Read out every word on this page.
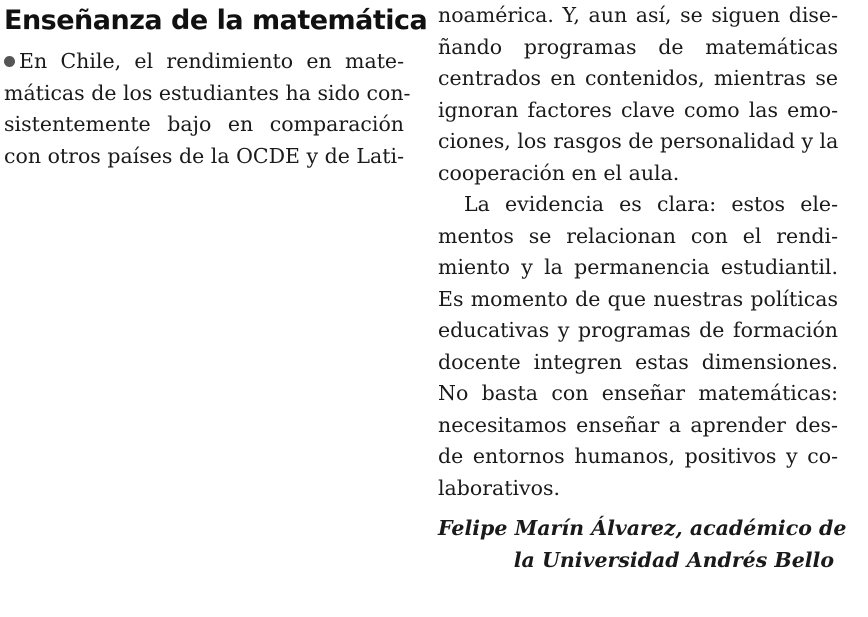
Enseñanza de la matemática
En Chile, el rendimiento en mate-
máticas de los estudiantes ha sido con-
sistentemente bajo en comparación
con otros países de la OCDE y de Lati-
noamérica. Y, aun así, se siguen dise-
ñando programas de matemáticas
centrados en contenidos, mientras se
ignoran factores clave como las emo-
ciones, los rasgos de personalidad y la
cooperación en el aula.
La evidencia es clara: estos ele-
mentos se relacionan con el rendi-
miento y la permanencia estudiantil.
Es momento de que nuestras políticas
educativas y programas de formación
docente integren estas dimensiones.
No basta con enseñar matemáticas:
necesitamos enseñar a aprender des-
de entornos humanos, positivos y co-
laborativos.
Felipe Marín Álvarez, académico de
la Universidad Andrés Bello
